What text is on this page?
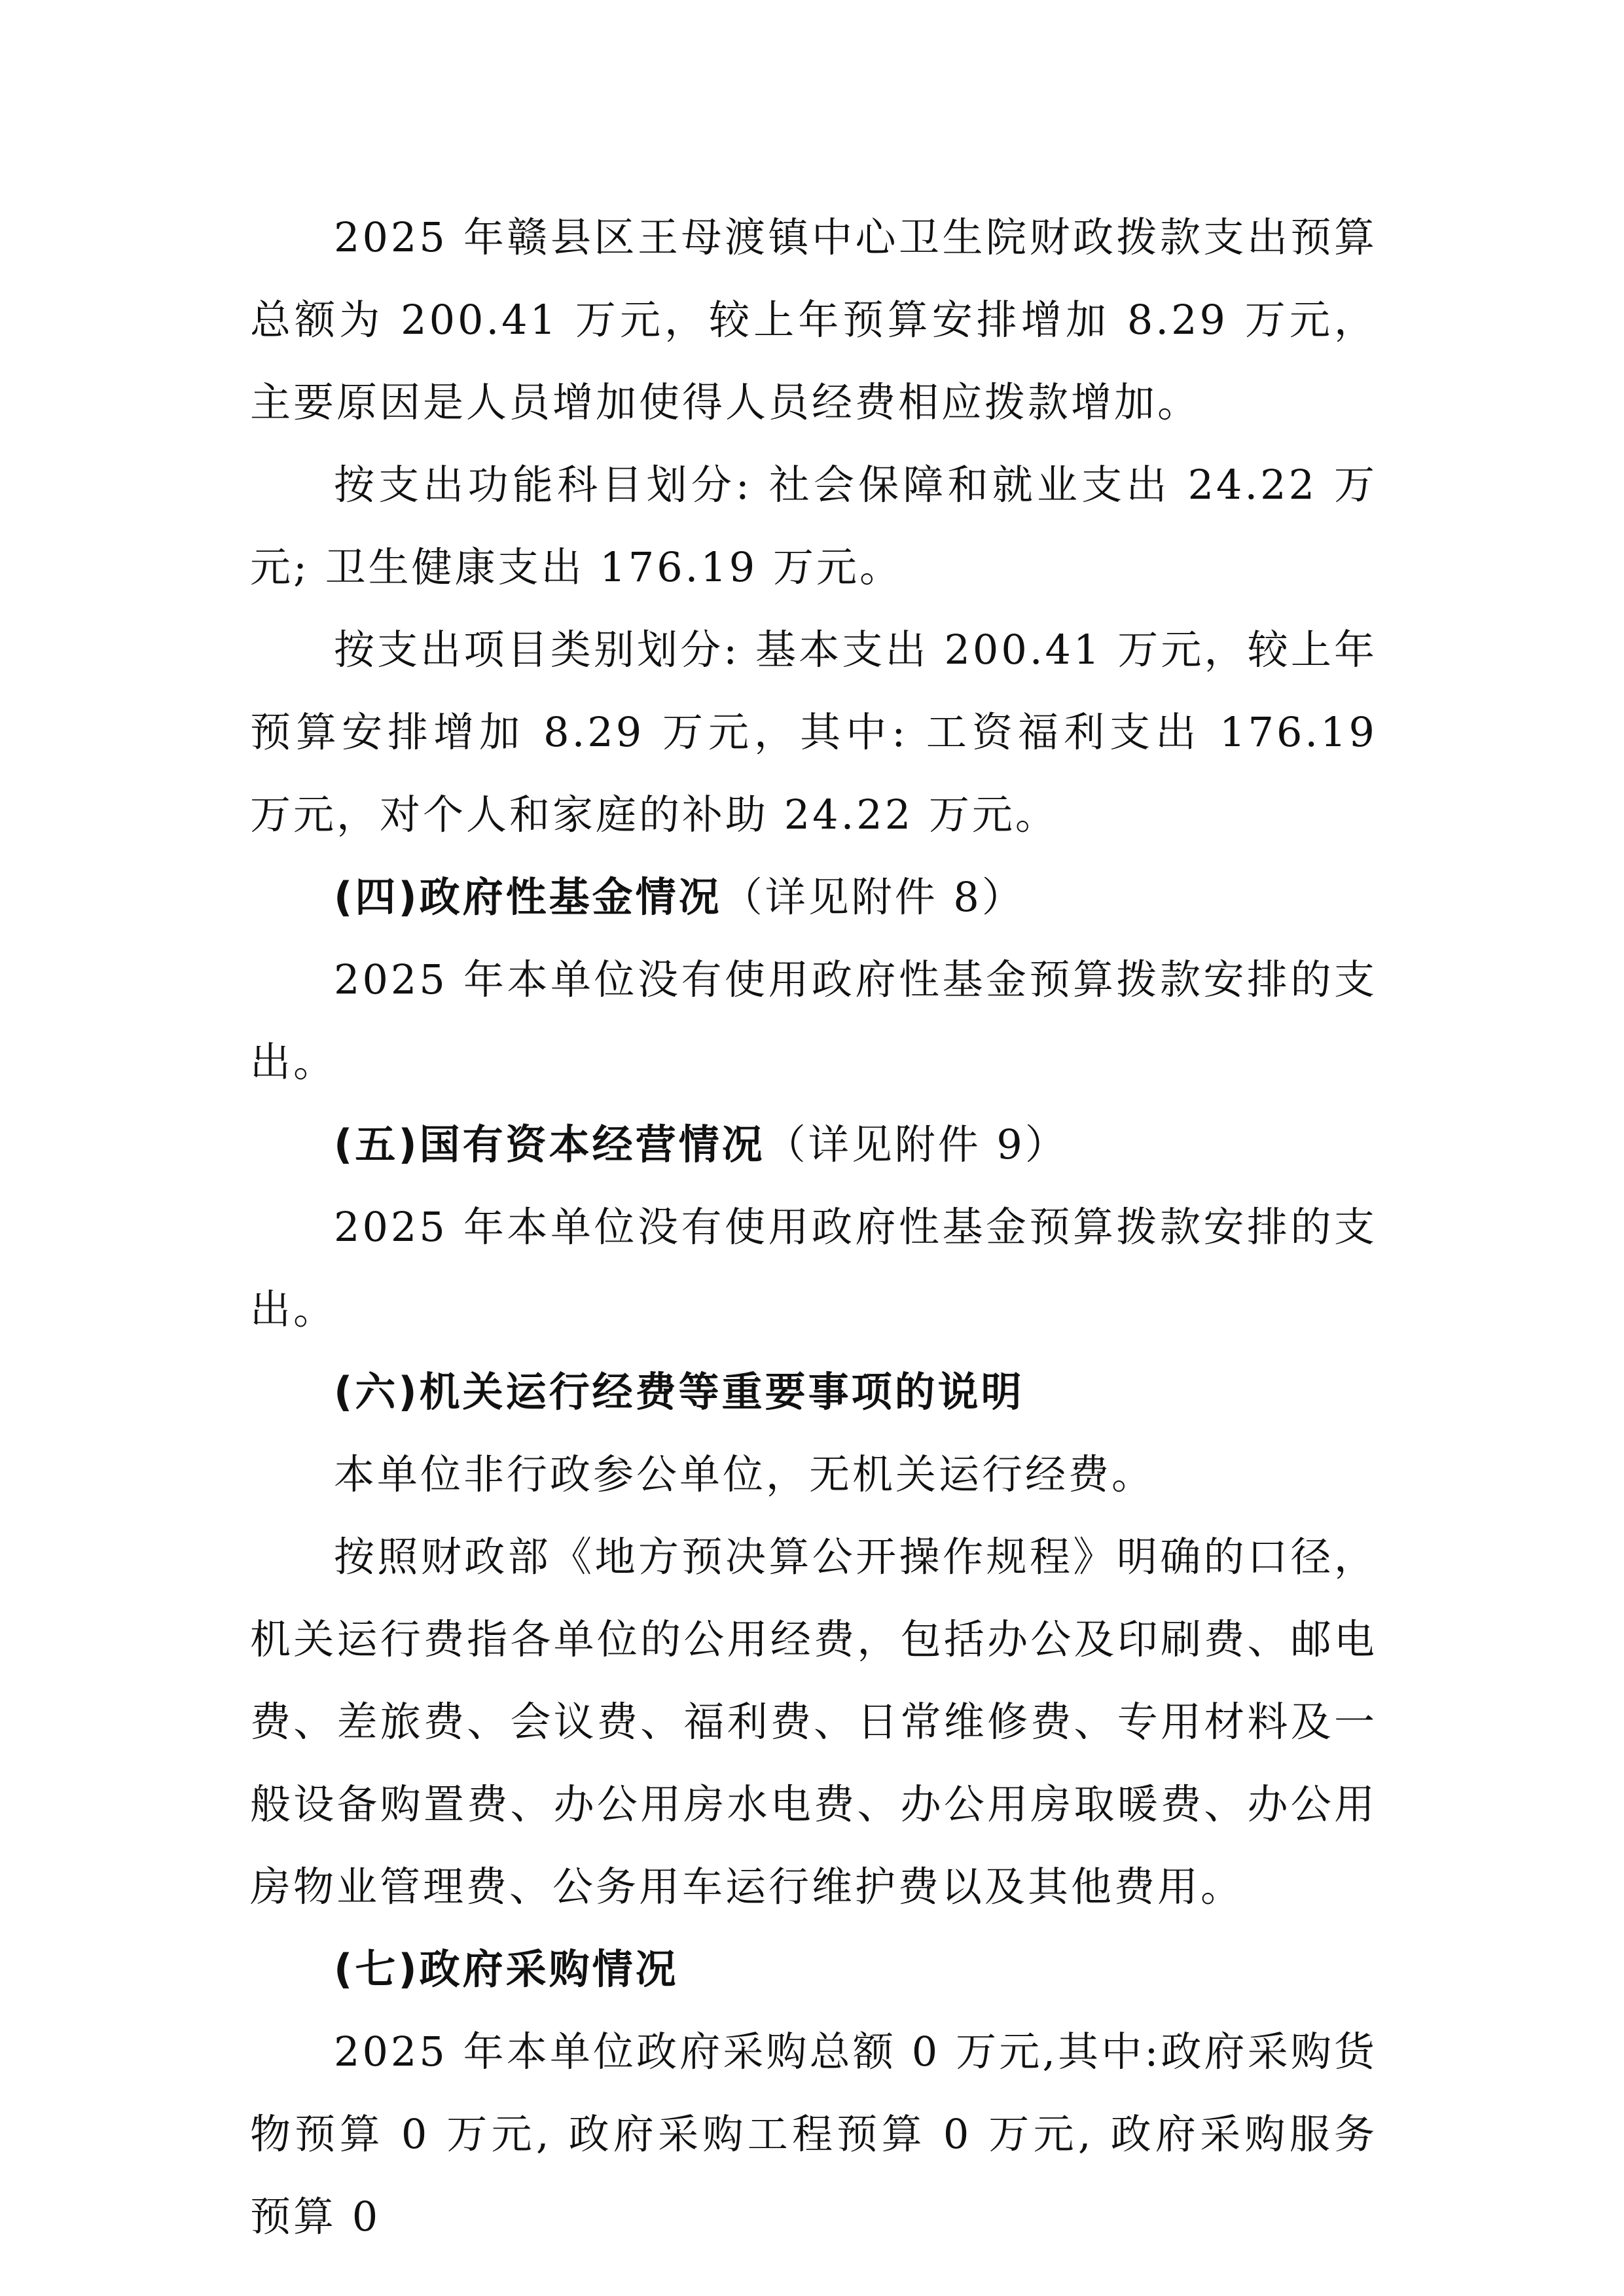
2025 年赣县区王母渡镇中心卫生院财政拨款支出预算总额为 200.41 万元，较上年预算安排增加 8.29 万元，主要原因是人员增加使得人员经费相应拨款增加。

按支出功能科目划分: 社会保障和就业支出 24.22 万元; 卫生健康支出 176.19 万元。

按支出项目类别划分: 基本支出 200.41 万元，较上年预算安排增加 8.29 万元，其中: 工资福利支出 176.19 万元，对个人和家庭的补助 24.22 万元。

(四)政府性基金情况（详见附件 8）

2025 年本单位没有使用政府性基金预算拨款安排的支出。

(五)国有资本经营情况（详见附件 9）

2025 年本单位没有使用政府性基金预算拨款安排的支出。

(六)机关运行经费等重要事项的说明

本单位非行政参公单位，无机关运行经费。

按照财政部《地方预决算公开操作规程》明确的口径，机关运行费指各单位的公用经费，包括办公及印刷费、邮电费、差旅费、会议费、福利费、日常维修费、专用材料及一般设备购置费、办公用房水电费、办公用房取暖费、办公用房物业管理费、公务用车运行维护费以及其他费用。

(七)政府采购情况

2025 年本单位政府采购总额 0 万元,其中:政府采购货物预算 0 万元, 政府采购工程预算 0 万元, 政府采购服务预算 0
